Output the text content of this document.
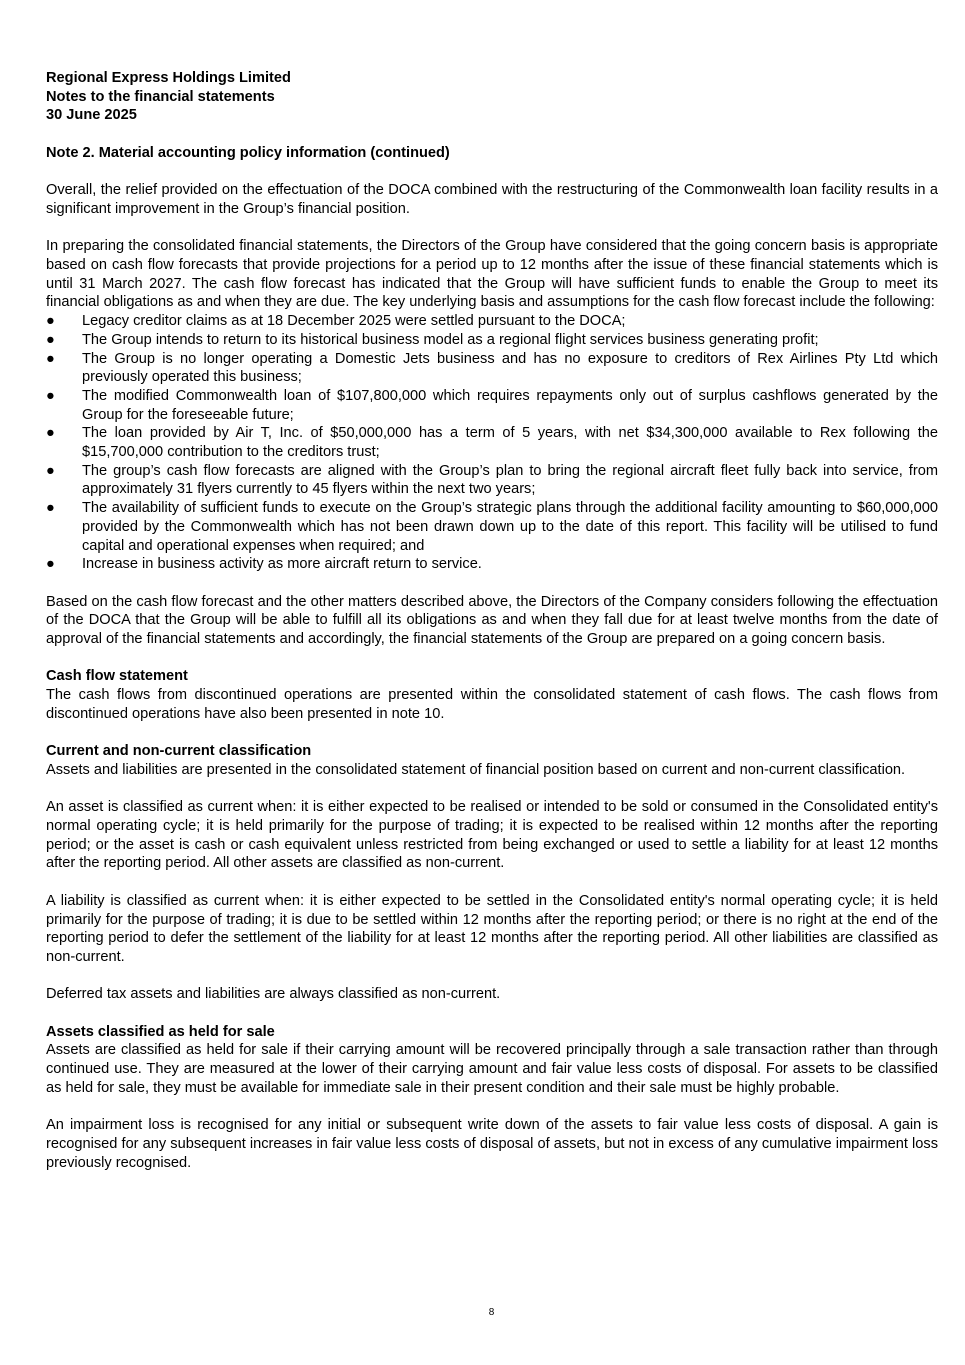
Regional Express Holdings Limited
Notes to the financial statements
30 June 2025
Note 2. Material accounting policy information (continued)

Overall, the relief provided on the effectuation of the DOCA combined with the restructuring of the Commonwealth loan facility results in a significant improvement in the Group’s financial position.

In preparing the consolidated financial statements, the Directors of the Group have considered that the going concern basis is appropriate based on cash flow forecasts that provide projections for a period up to 12 months after the issue of these financial statements which is until 31 March 2027. The cash flow forecast has indicated that the Group will have sufficient funds to enable the Group to meet its financial obligations as and when they are due. The key underlying basis and assumptions for the cash flow forecast include the following:

● Legacy creditor claims as at 18 December 2025 were settled pursuant to the DOCA;
● The Group intends to return to its historical business model as a regional flight services business generating profit;
● The Group is no longer operating a Domestic Jets business and has no exposure to creditors of Rex Airlines Pty Ltd which previously operated this business;
● The modified Commonwealth loan of $107,800,000 which requires repayments only out of surplus cashflows generated by the Group for the foreseeable future;
● The loan provided by Air T, Inc. of $50,000,000 has a term of 5 years, with net $34,300,000 available to Rex following the $15,700,000 contribution to the creditors trust;
● The group’s cash flow forecasts are aligned with the Group’s plan to bring the regional aircraft fleet fully back into service, from approximately 31 flyers currently to 45 flyers within the next two years;
● The availability of sufficient funds to execute on the Group’s strategic plans through the additional facility amounting to $60,000,000 provided by the Commonwealth which has not been drawn down up to the date of this report. This facility will be utilised to fund capital and operational expenses when required; and
● Increase in business activity as more aircraft return to service.

Based on the cash flow forecast and the other matters described above, the Directors of the Company considers following the effectuation of the DOCA that the Group will be able to fulfill all its obligations as and when they fall due for at least twelve months from the date of approval of the financial statements and accordingly, the financial statements of the Group are prepared on a going concern basis.

Cash flow statement

The cash flows from discontinued operations are presented within the consolidated statement of cash flows. The cash flows from discontinued operations have also been presented in note 10.

Current and non-current classification

Assets and liabilities are presented in the consolidated statement of financial position based on current and non-current classification.

An asset is classified as current when: it is either expected to be realised or intended to be sold or consumed in the Consolidated entity's normal operating cycle; it is held primarily for the purpose of trading; it is expected to be realised within 12 months after the reporting period; or the asset is cash or cash equivalent unless restricted from being exchanged or used to settle a liability for at least 12 months after the reporting period. All other assets are classified as non-current.

A liability is classified as current when: it is either expected to be settled in the Consolidated entity's normal operating cycle; it is held primarily for the purpose of trading; it is due to be settled within 12 months after the reporting period; or there is no right at the end of the reporting period to defer the settlement of the liability for at least 12 months after the reporting period. All other liabilities are classified as non-current.

Deferred tax assets and liabilities are always classified as non-current.

Assets classified as held for sale

Assets are classified as held for sale if their carrying amount will be recovered principally through a sale transaction rather than through continued use. They are measured at the lower of their carrying amount and fair value less costs of disposal. For assets to be classified as held for sale, they must be available for immediate sale in their present condition and their sale must be highly probable.

An impairment loss is recognised for any initial or subsequent write down of the assets to fair value less costs of disposal. A gain is recognised for any subsequent increases in fair value less costs of disposal of assets, but not in excess of any cumulative impairment loss previously recognised.

8
